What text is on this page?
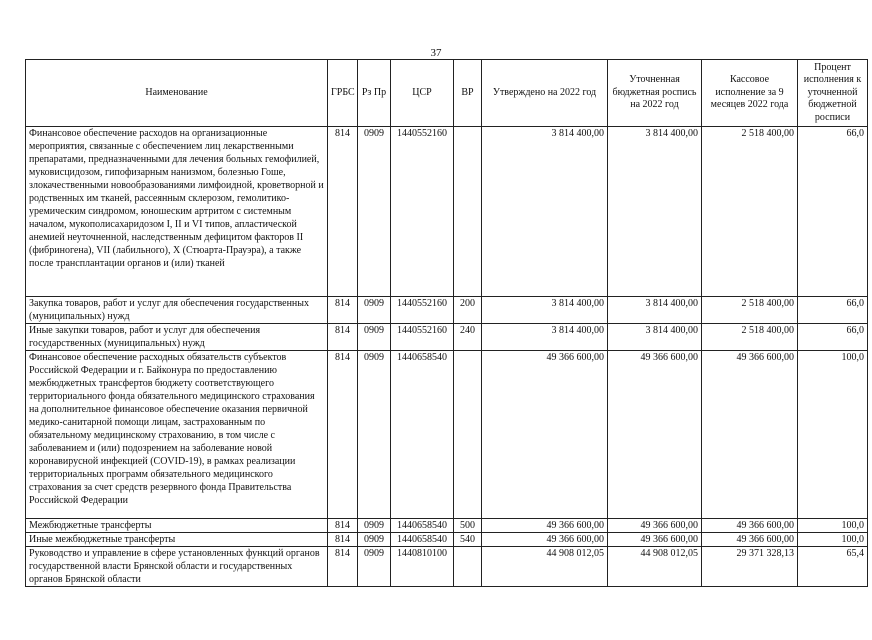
37
Наименование	ГРБС	Рз Пр	ЦСР	ВР	Утверждено на 2022 год	Уточненная бюджетная роспись на 2022 год	Кассовое исполнение за 9 месяцев 2022 года	Процент исполнения к уточненной бюджетной росписи
Финансовое обеспечение расходов на организационные мероприятия, связанные с обеспечением лиц лекарственными препаратами, предназначенными для лечения больных гемофилией, муковисцидозом, гипофизарным нанизмом, болезнью Гоше, злокачественными новообразованиями лимфоидной, кроветворной и родственных им тканей, рассеянным склерозом, гемолитико-уремическим синдромом, юношеским артритом с системным началом, мукополисахаридозом I, II и VI типов, апластической анемией неуточненной, наследственным дефицитом факторов II (фибриногена), VII (лабильного), X (Стюарта-Прауэра), а также после трансплантации органов и (или) тканей	814	0909	1440552160		3 814 400,00	3 814 400,00	2 518 400,00	66,0
Закупка товаров, работ и услуг для обеспечения государственных (муниципальных) нужд	814	0909	1440552160	200	3 814 400,00	3 814 400,00	2 518 400,00	66,0
Иные закупки товаров, работ и услуг для обеспечения государственных (муниципальных) нужд	814	0909	1440552160	240	3 814 400,00	3 814 400,00	2 518 400,00	66,0
Финансовое обеспечение расходных обязательств субъектов Российской Федерации и г. Байконура по предоставлению межбюджетных трансфертов бюджету соответствующего территориального фонда обязательного медицинского страхования на дополнительное финансовое обеспечение оказания первичной медико-санитарной помощи лицам, застрахованным по обязательному медицинскому страхованию, в том числе с заболеванием и (или) подозрением на заболевание новой коронавирусной инфекцией (COVID-19), в рамках реализации территориальных программ обязательного медицинского страхования за счет средств резервного фонда Правительства Российской Федерации	814	0909	1440658540		49 366 600,00	49 366 600,00	49 366 600,00	100,0
Межбюджетные трансферты	814	0909	1440658540	500	49 366 600,00	49 366 600,00	49 366 600,00	100,0
Иные межбюджетные трансферты	814	0909	1440658540	540	49 366 600,00	49 366 600,00	49 366 600,00	100,0
Руководство и управление в сфере установленных функций органов государственной власти Брянской области и государственных органов Брянской области	814	0909	1440810100		44 908 012,05	44 908 012,05	29 371 328,13	65,4
